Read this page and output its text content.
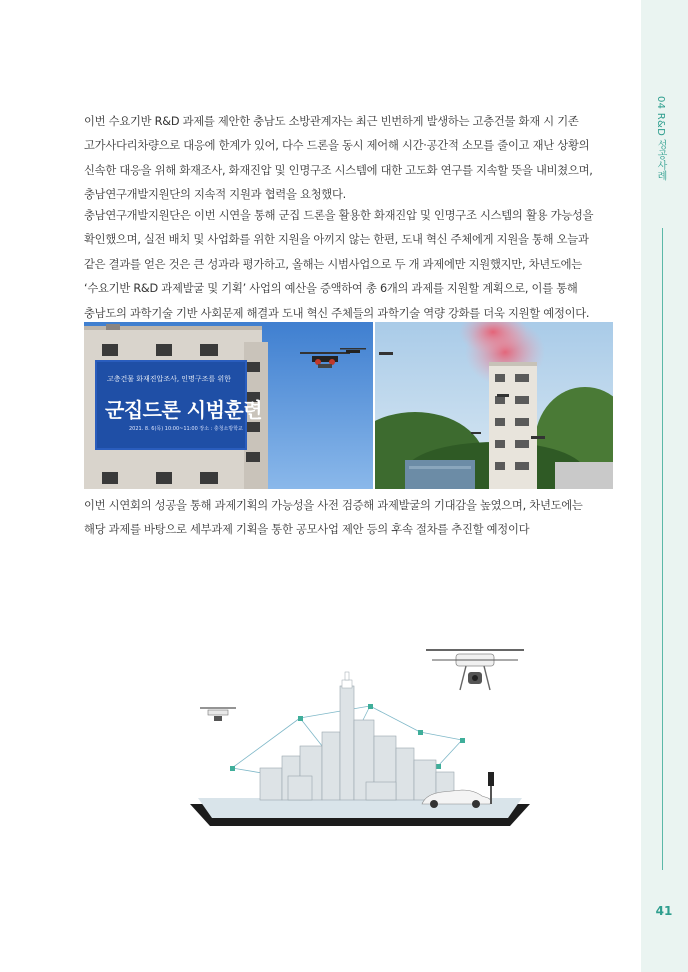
04 R&D 성공사례
41
이번 수요기반 R&D 과제를 제안한 충남도 소방관계자는 최근 빈번하게 발생하는 고층건물 화재 시 기존
고가사다리차량으로 대응에 한계가 있어, 다수 드론을 동시 제어해 시간·공간적 소모를 줄이고 재난 상황의
신속한 대응을 위해 화재조사, 화재진압 및 인명구조 시스템에 대한 고도화 연구를 지속할 뜻을 내비쳤으며,
충남연구개발지원단의 지속적 지원과 협력을 요청했다.
충남연구개발지원단은 이번 시연을 통해 군집 드론을 활용한 화재진압 및 인명구조 시스템의 활용 가능성을
확인했으며, 실전 배치 및 사업화를 위한 지원을 아끼지 않는 한편, 도내 혁신 주체에게 지원을 통해 오늘과
같은 결과를 얻은 것은 큰 성과라 평가하고, 올해는 시범사업으로 두 개 과제에만 지원했지만, 차년도에는
‘수요기반 R&D 과제발굴 및 기획’ 사업의 예산을 증액하여 총 6개의 과제를 지원할 계획으로, 이를 통해
충남도의 과학기술 기반 사회문제 해결과 도내 혁신 주체들의 과학기술 역량 강화를 더욱 지원할 예정이다.
고층건물 화재진압조사, 인명구조를 위한
군집드론 시범훈련
2021. 8. 6(목) 10:00~11:00 장소 : 충청소방학교
이번 시연회의 성공을 통해 과제기획의 가능성을 사전 검증해 과제발굴의 기대감을 높였으며, 차년도에는
해당 과제를 바탕으로 세부과제 기획을 통한 공모사업 제안 등의 후속 절차를 추진할 예정이다
